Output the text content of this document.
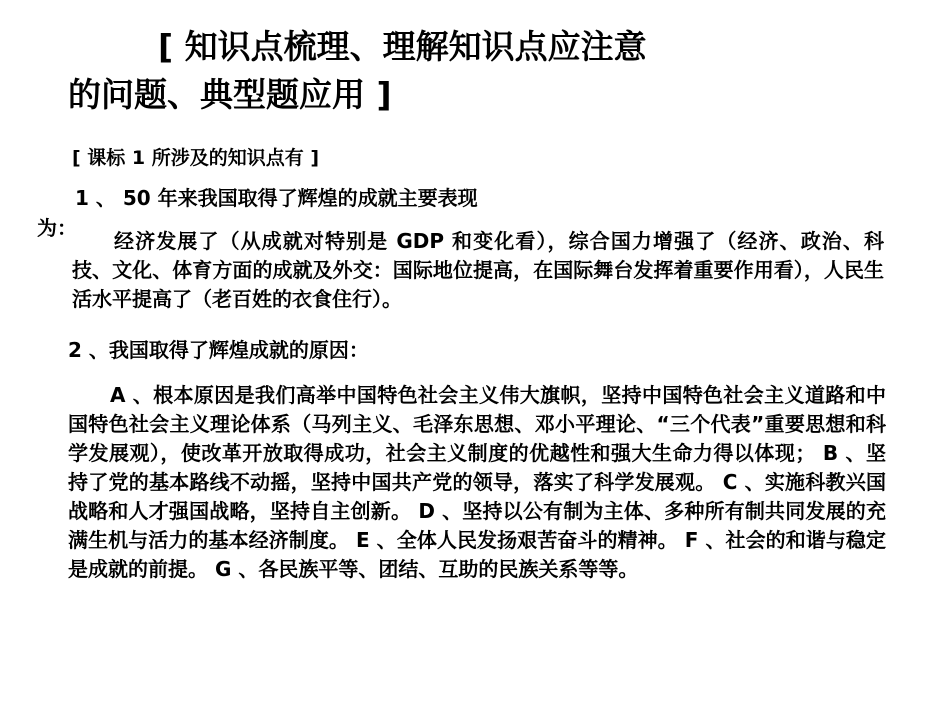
[ 知识点梳理、理解知识点应注意
的问题、典型题应用 ]
[ 课标 1 所涉及的知识点有 ]
1 、 50 年来我国取得了辉煌的成就主要表现
为：
经济发展了（从成就对特别是 GDP 和变化看），综合国力增强了（经济、政治、科技、文化、体育方面的成就及外交：国际地位提高，在国际舞台发挥着重要作用看），人民生活水平提高了（老百姓的衣食住行）。
2 、我国取得了辉煌成就的原因：
A 、根本原因是我们高举中国特色社会主义伟大旗帜，坚持中国特色社会主义道路和中国特色社会主义理论体系（马列主义、毛泽东思想、邓小平理论、“三个代表”重要思想和科学发展观），使改革开放取得成功，社会主义制度的优越性和强大生命力得以体现； B 、坚持了党的基本路线不动摇，坚持中国共产党的领导，落实了科学发展观。 C 、实施科教兴国战略和人才强国战略，坚持自主创新。 D 、坚持以公有制为主体、多种所有制共同发展的充满生机与活力的基本经济制度。 E 、全体人民发扬艰苦奋斗的精神。 F 、社会的和谐与稳定是成就的前提。 G 、各民族平等、团结、互助的民族关系等等。
